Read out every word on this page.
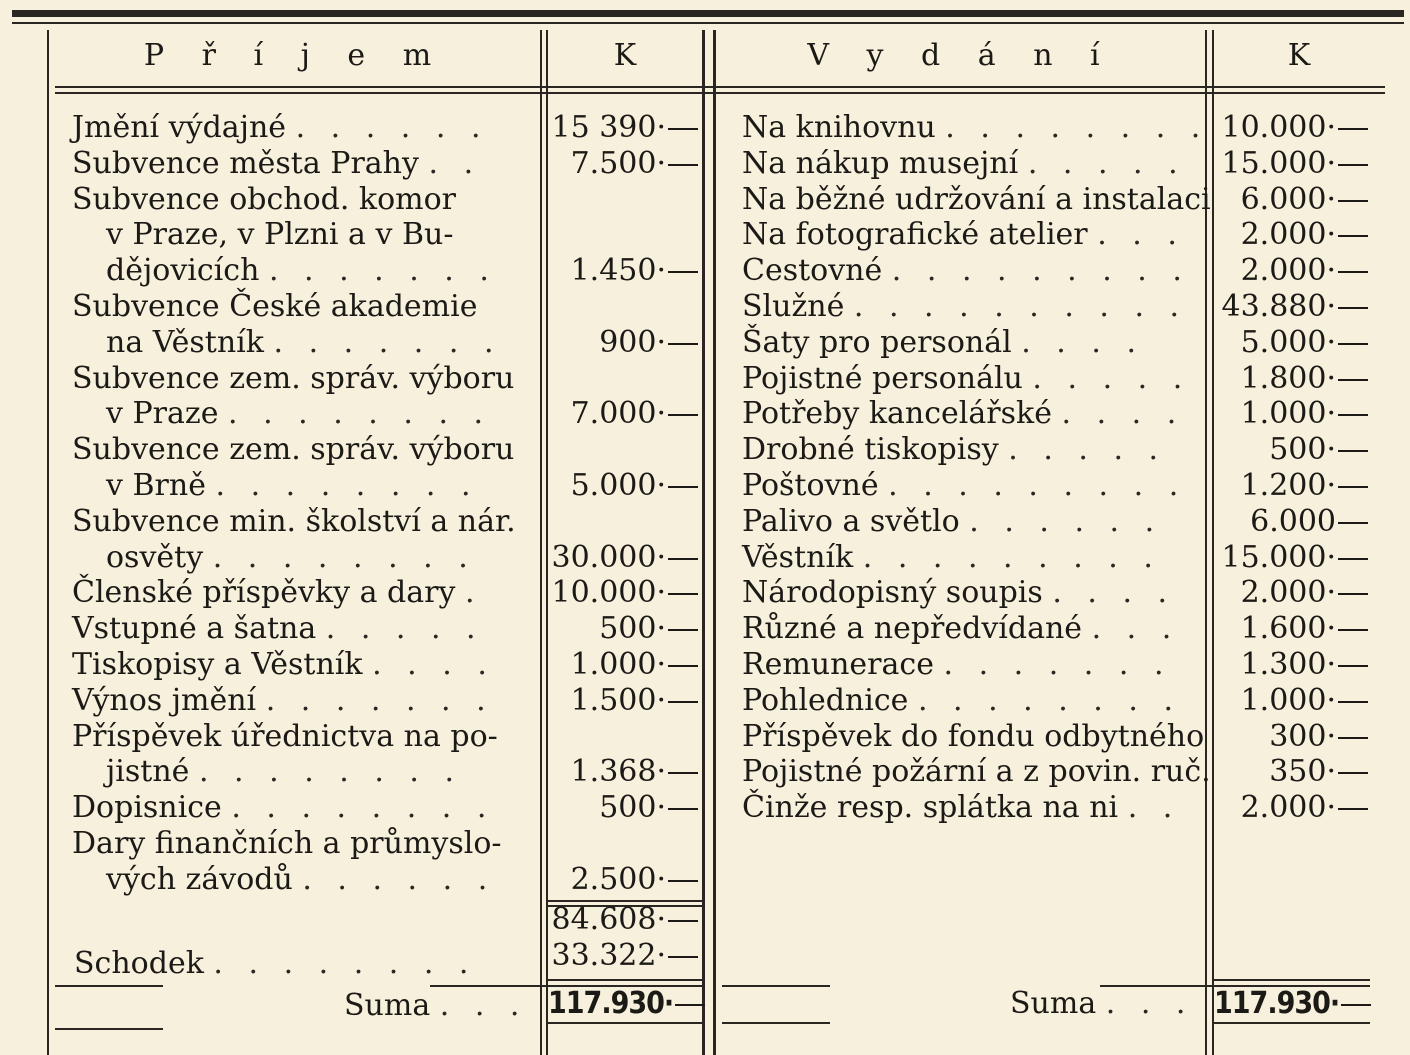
P ř í j e m	K	V y d á n í	K
Jmění výdajné . . . . . . 15 390·
Subvence města Prahy . .	7.500·
Subvence obchod. komor
v Praze, v Plzni a v Bu-
dějovicích . . . . . . .	1.450·
Subvence České akademie
na Věstník . . . . . . .	900·
Subvence zem. správ. výboru
v Praze . . . . . . . .	7.000·
Subvence zem. správ. výboru
v Brně . . . . . . . .	5.000·
Subvence min. školství a nár.
osvěty . . . . . . . .	30.000·
Členské příspěvky a dary . 10.000·
Vstupné a šatna . . . . .	500·
Tiskopisy a Věstník . . . .	1.000·
Výnos jmění . . . . . . .	1.500·
Příspěvek úřednictva na po-
jistné . . . . . . . .	1.368·
Dopisnice . . . . . . . .	500·
Dary finančních a průmyslo-
vých závodů . . . . . .	2.500·
84.608·
Schodek . . . . . . . .	33.322·
Na knihovnu . . . . . . . . 10.000·
Na nákup musejní . . . . . 15.000·
Na běžné udržování a instalaci 6.000·
Na fotografické atelier . . .	2.000·
Cestovné . . . . . . . . .	2.000·
Služné . . . . . . . . . . 43.880·
Šaty pro personál . . . .	5.000·
Pojistné personálu . . . . .	1.800·
Potřeby kancelářské . . . .	1.000·
Drobné tiskopisy . . . . .	500·
Poštovné . . . . . . . . .	1.200·
Palivo a světlo . . . . . .	6.000
Věstník . . . . . . . . . 15.000·
Národopisný soupis . . . .	2.000·
Různé a nepředvídané . . .	1.600·
Remunerace . . . . . . .	1.300·
Pohlednice . . . . . . . .	1.000·
Příspěvek do fondu odbytného	300·
Pojistné požární a z povin. ruč.	350·
Činže resp. splátka na ni . .	2.000·
Suma . . . 117.930·	Suma . . . 117.930·
